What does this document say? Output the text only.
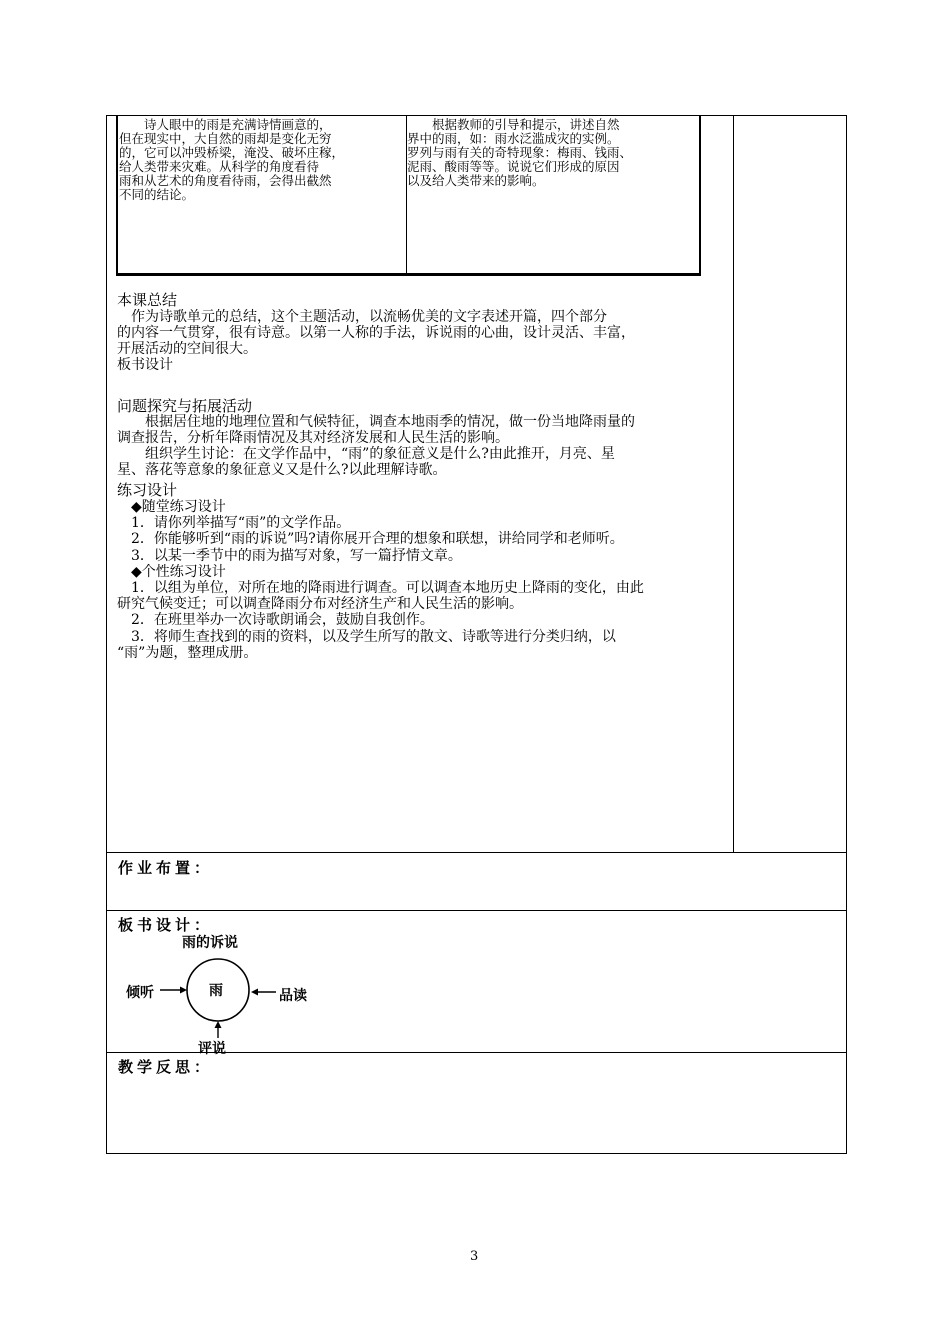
　　诗人眼中的雨是充满诗情画意的，
但在现实中，大自然的雨却是变化无穷
的，它可以冲毁桥梁，淹没、破坏庄稼，
给人类带来灾难。从科学的角度看待
雨和从艺术的角度看待雨，会得出截然
不同的结论。
　　根据教师的引导和提示，讲述自然
界中的雨，如：雨水泛滥成灾的实例。
罗列与雨有关的奇特现象：梅雨、钱雨、
泥雨、酸雨等等。说说它们形成的原因
以及给人类带来的影响。
本课总结
　作为诗歌单元的总结，这个主题活动，以流畅优美的文字表述开篇，四个部分
的内容一气贯穿，很有诗意。以第一人称的手法，诉说雨的心曲，设计灵活、丰富，
开展活动的空间很大。
板书设计
问题探究与拓展活动
　　根据居住地的地理位置和气候特征，调查本地雨季的情况，做一份当地降雨量的
调查报告，分析年降雨情况及其对经济发展和人民生活的影响。
　　组织学生讨论：在文学作品中，“雨”的象征意义是什么?由此推开，月亮、星
星、落花等意象的象征意义又是什么?以此理解诗歌。
练习设计
　◆随堂练习设计
　1．请你列举描写“雨”的文学作品。
　2．你能够听到“雨的诉说”吗?请你展开合理的想象和联想，讲给同学和老师听。
　3．以某一季节中的雨为描写对象，写一篇抒情文章。
　◆个性练习设计
　1．以组为单位，对所在地的降雨进行调查。可以调查本地历史上降雨的变化，由此
研究气候变迁；可以调查降雨分布对经济生产和人民生活的影响。
　2．在班里举办一次诗歌朗诵会，鼓励自我创作。
　3．将师生查找到的雨的资料，以及学生所写的散文、诗歌等进行分类归纳，以
“雨”为题，整理成册。
作业布置：
板书设计：
雨的诉说
倾听	雨	品读
评说
教学反思：
3
